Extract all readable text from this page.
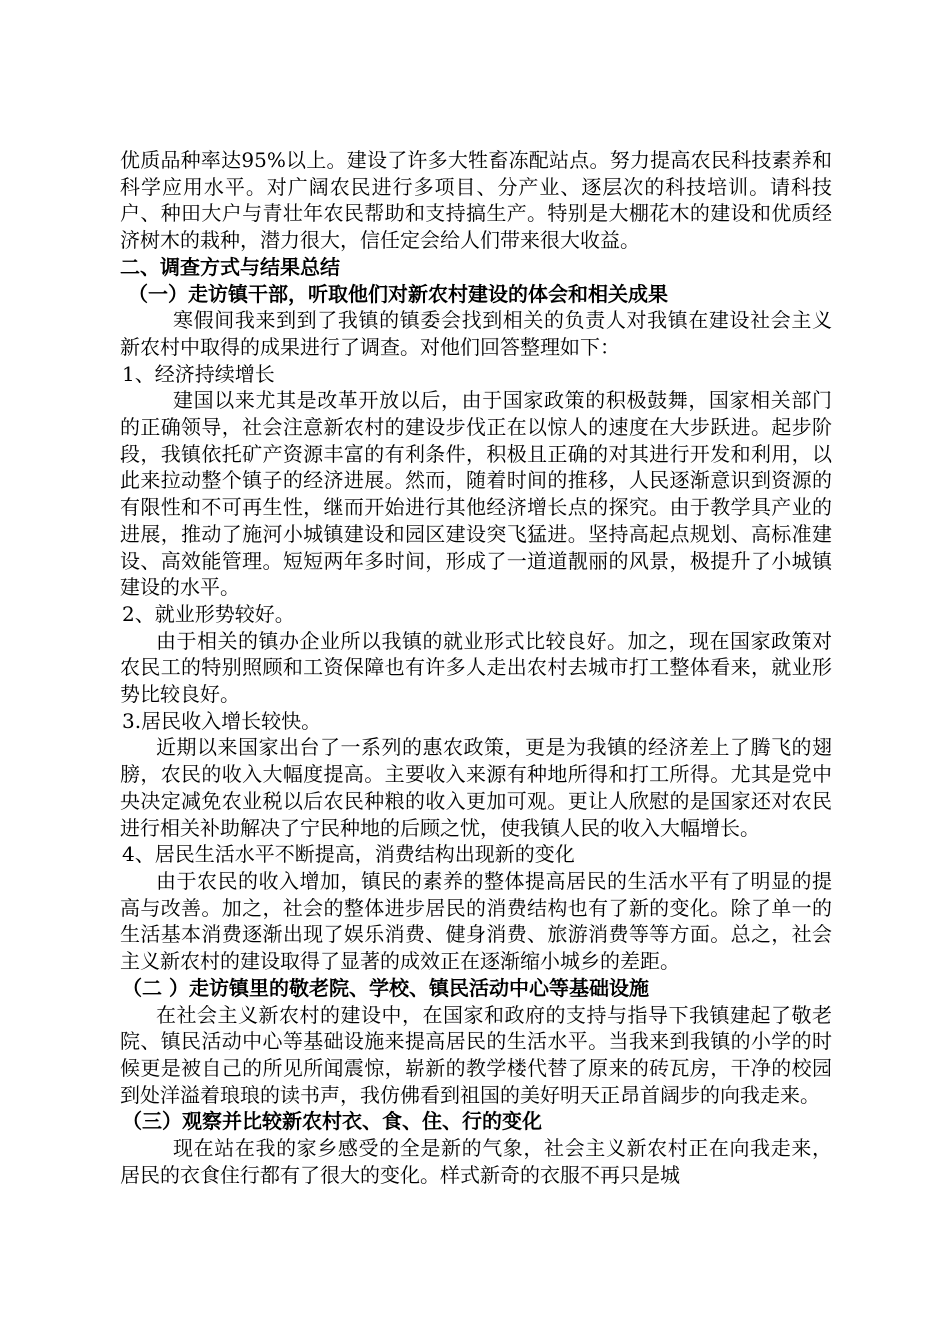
优质品种率达95%以上。建设了许多大牲畜冻配站点。努力提高农民科技素养和科学应用水平。对广阔农民进行多项目、分产业、逐层次的科技培训。请科技户、种田大户与青壮年农民帮助和支持搞生产。特别是大棚花木的建设和优质经济树木的栽种，潜力很大，信任定会给人们带来很大收益。

二、调查方式与结果总结

（一）走访镇干部，听取他们对新农村建设的体会和相关成果

寒假间我来到到了我镇的镇委会找到相关的负责人对我镇在建设社会主义新农村中取得的成果进行了调查。对他们回答整理如下：

1、经济持续增长

建国以来尤其是改革开放以后，由于国家政策的积极鼓舞，国家相关部门的正确领导，社会注意新农村的建设步伐正在以惊人的速度在大步跃进。起步阶段，我镇依托矿产资源丰富的有利条件，积极且正确的对其进行开发和利用，以此来拉动整个镇子的经济进展。然而，随着时间的推移，人民逐渐意识到资源的有限性和不可再生性，继而开始进行其他经济增长点的探究。由于教学具产业的进展，推动了施河小城镇建设和园区建设突飞猛进。坚持高起点规划、高标准建设、高效能管理。短短两年多时间，形成了一道道靓丽的风景，极提升了小城镇建设的水平。

2、就业形势较好。

由于相关的镇办企业所以我镇的就业形式比较良好。加之，现在国家政策对农民工的特别照顾和工资保障也有许多人走出农村去城市打工整体看来，就业形势比较良好。

3.居民收入增长较快。

近期以来国家出台了一系列的惠农政策，更是为我镇的经济差上了腾飞的翅膀，农民的收入大幅度提高。主要收入来源有种地所得和打工所得。尤其是党中央决定减免农业税以后农民种粮的收入更加可观。更让人欣慰的是国家还对农民进行相关补助解决了宁民种地的后顾之忧，使我镇人民的收入大幅增长。

4、居民生活水平不断提高，消费结构出现新的变化

由于农民的收入增加，镇民的素养的整体提高居民的生活水平有了明显的提高与改善。加之，社会的整体进步居民的消费结构也有了新的变化。除了单一的生活基本消费逐渐出现了娱乐消费、健身消费、旅游消费等等方面。总之，社会主义新农村的建设取得了显著的成效正在逐渐缩小城乡的差距。

（二 ）走访镇里的敬老院、学校、镇民活动中心等基础设施

在社会主义新农村的建设中，在国家和政府的支持与指导下我镇建起了敬老院、镇民活动中心等基础设施来提高居民的生活水平。当我来到我镇的小学的时候更是被自己的所见所闻震惊，崭新的教学楼代替了原来的砖瓦房，干净的校园到处洋溢着琅琅的读书声，我仿佛看到祖国的美好明天正昂首阔步的向我走来。

（三）观察并比较新农村衣、食、住、行的变化

现在站在我的家乡感受的全是新的气象，社会主义新农村正在向我走来，居民的衣食住行都有了很大的变化。样式新奇的衣服不再只是城
